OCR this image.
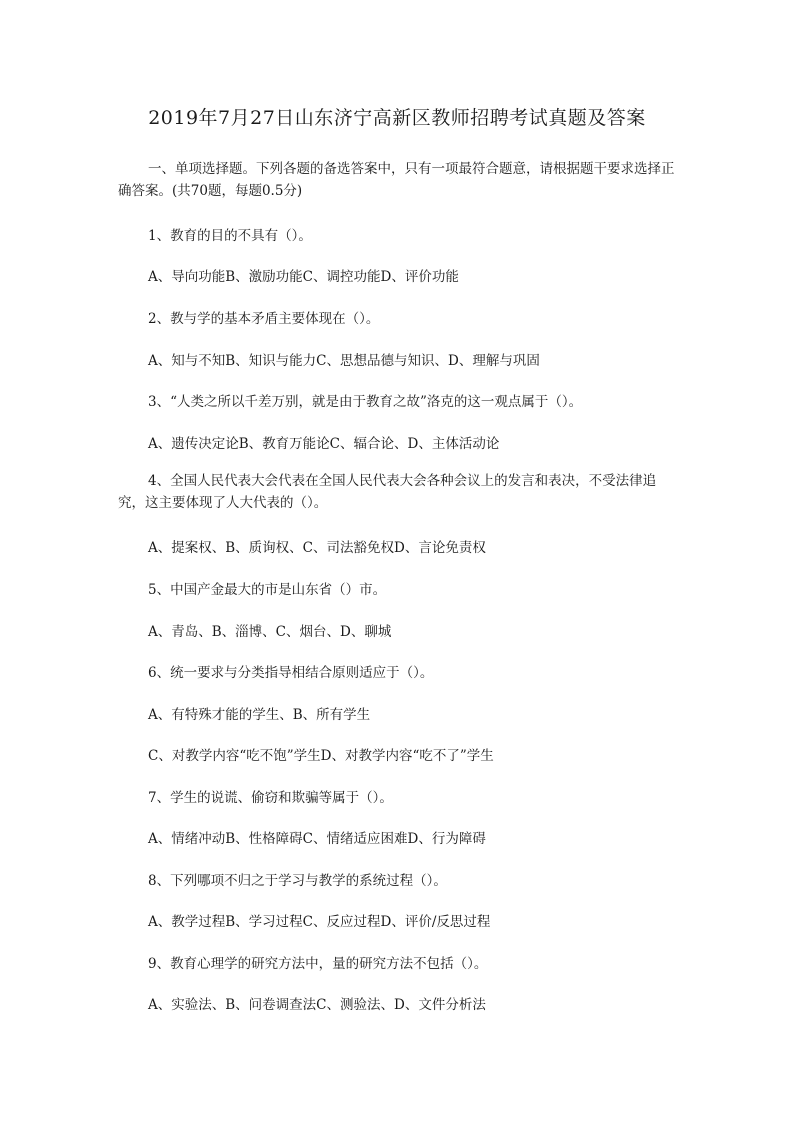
2019年7月27日山东济宁高新区教师招聘考试真题及答案

一、单项选择题。下列各题的备选答案中，只有一项最符合题意，请根据题干要求选择正确答案。(共70题，每题0.5分)

1、教育的目的不具有（）。

A、导向功能B、激励功能C、调控功能D、评价功能

2、教与学的基本矛盾主要体现在（）。

A、知与不知B、知识与能力C、思想品德与知识、D、理解与巩固

3、“人类之所以千差万别，就是由于教育之故”洛克的这一观点属于（）。

A、遗传决定论B、教育万能论C、辐合论、D、主体活动论

4、全国人民代表大会代表在全国人民代表大会各种会议上的发言和表决，不受法律追究，这主要体现了人大代表的（）。

A、提案权、B、质询权、C、司法豁免权D、言论免责权

5、中国产金最大的市是山东省（）市。

A、青岛、B、淄博、C、烟台、D、聊城

6、统一要求与分类指导相结合原则适应于（）。

A、有特殊才能的学生、B、所有学生

C、对教学内容“吃不饱”学生D、对教学内容“吃不了”学生

7、学生的说谎、偷窃和欺骗等属于（）。

A、情绪冲动B、性格障碍C、情绪适应困难D、行为障碍

8、下列哪项不归之于学习与教学的系统过程（）。

A、教学过程B、学习过程C、反应过程D、评价/反思过程

9、教育心理学的研究方法中，量的研究方法不包括（）。

A、实验法、B、问卷调查法C、测验法、D、文件分析法
